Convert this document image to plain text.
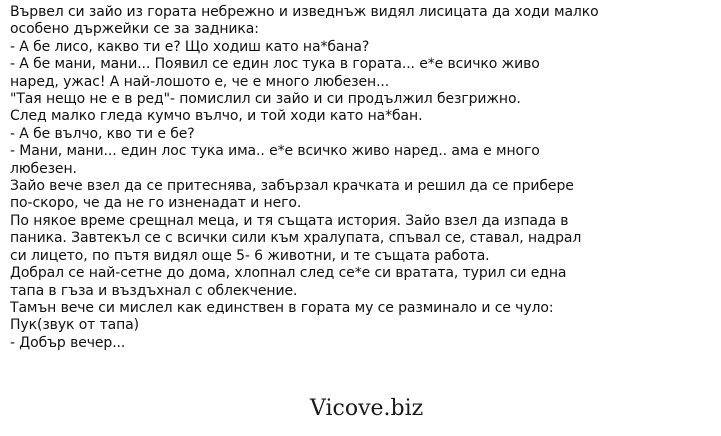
Вървел си зайо из гората небрежно и изведнъж видял лисицата да ходи малко
особено държейки се за задника:
- А бе лисо, какво ти е? Що ходиш като на*бана?
- А бе мани, мани... Появил се един лос тука в гората... е*е всичко живо
наред, ужас! А най-лошото е, че е много любезен...
"Тая нещо не е в ред"- помислил си зайо и си продължил безгрижно.
След малко гледа кумчо вълчо, и той ходи като на*бан.
- А бе вълчо, кво ти е бе?
- Мани, мани... един лос тука има.. е*е всичко живо наред.. ама е много
любезен.
Зайо вече взел да се притеснява, забързал крачката и решил да се прибере
по-скоро, че да не го изненадат и него.
По някое време срещнал меца, и тя същата история. Зайо взел да изпада в
паника. Завтекъл се с всички сили към хралупата, спъвал се, ставал, надрал
си лицето, по пътя видял още 5- 6 животни, и те същата работа.
Добрал се най-сетне до дома, хлопнал след се*е си вратата, турил си една
тапа в гъза и въздъхнал с облекчение.
Тамън вече си мислел как единствен в гората му се разминало и се чуло:
Пук(звук от тапа)
- Добър вечер...
Vicove.biz
